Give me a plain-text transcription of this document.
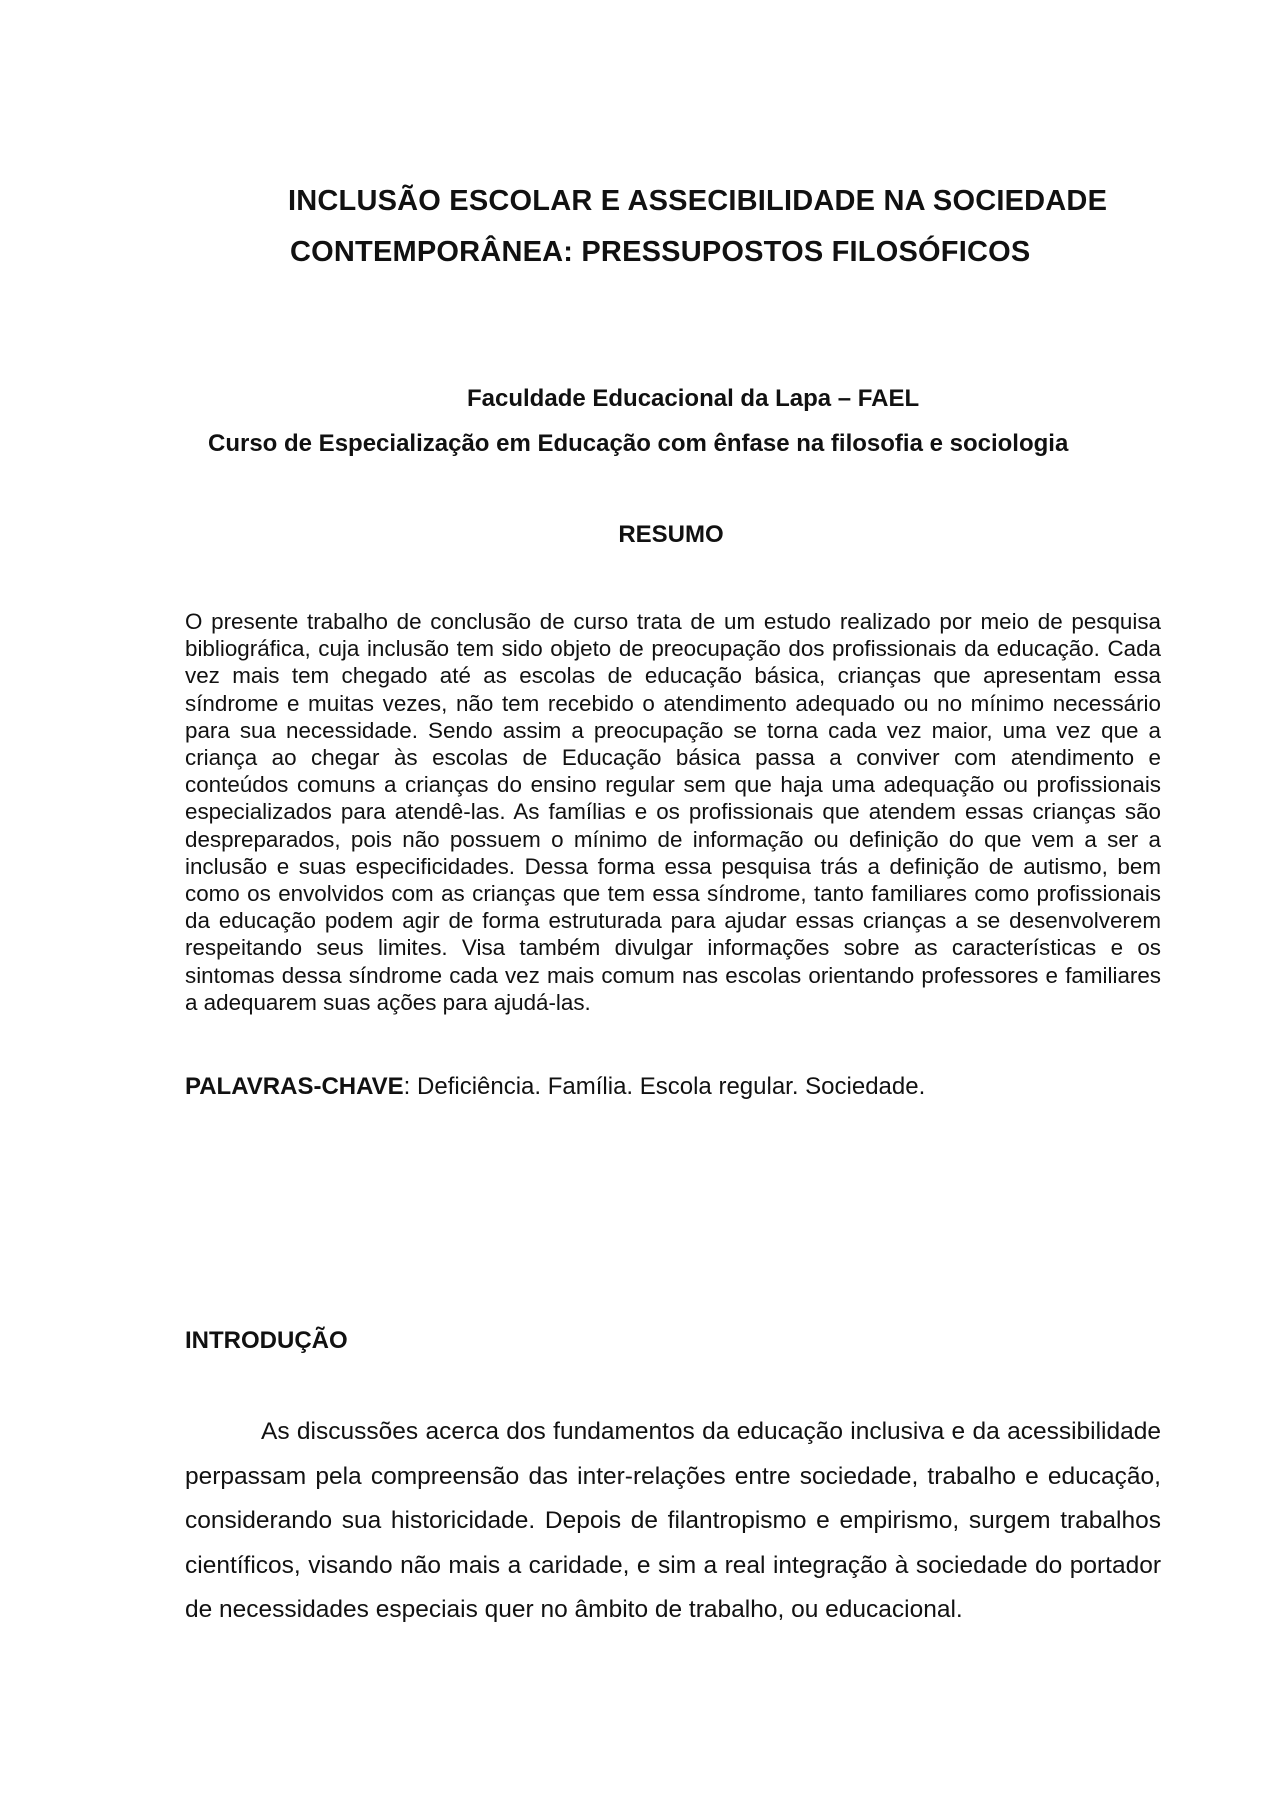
INCLUSÃO ESCOLAR E ASSECIBILIDADE NA SOCIEDADE
CONTEMPORÂNEA: PRESSUPOSTOS FILOSÓFICOS
Faculdade Educacional da Lapa – FAEL
Curso de Especialização em Educação com ênfase na filosofia e sociologia
RESUMO

O presente trabalho de conclusão de curso trata de um estudo realizado por meio de pesquisa bibliográfica, cuja inclusão tem sido objeto de preocupação dos profissionais da educação. Cada vez mais tem chegado até as escolas de educação básica, crianças que apresentam essa síndrome e muitas vezes, não tem recebido o atendimento adequado ou no mínimo necessário para sua necessidade. Sendo assim a preocupação se torna cada vez maior, uma vez que a criança ao chegar às escolas de Educação básica passa a conviver com atendimento e conteúdos comuns a crianças do ensino regular sem que haja uma adequação ou profissionais especializados para atendê-las. As famílias e os profissionais que atendem essas crianças são despreparados, pois não possuem o mínimo de informação ou definição do que vem a ser a inclusão e suas especificidades. Dessa forma essa pesquisa trás a definição de autismo, bem como os envolvidos com as crianças que tem essa síndrome, tanto familiares como profissionais da educação podem agir de forma estruturada para ajudar essas crianças a se desenvolverem respeitando seus limites. Visa também divulgar informações sobre as características e os sintomas dessa síndrome cada vez mais comum nas escolas orientando professores e familiares a adequarem suas ações para ajudá-las.

PALAVRAS-CHAVE: Deficiência. Família. Escola regular. Sociedade.

INTRODUÇÃO

As discussões acerca dos fundamentos da educação inclusiva e da acessibilidade perpassam pela compreensão das inter-relações entre sociedade, trabalho e educação, considerando sua historicidade. Depois de filantropismo e empirismo, surgem trabalhos científicos, visando não mais a caridade, e sim a real integração à sociedade do portador de necessidades especiais quer no âmbito de trabalho, ou educacional.
